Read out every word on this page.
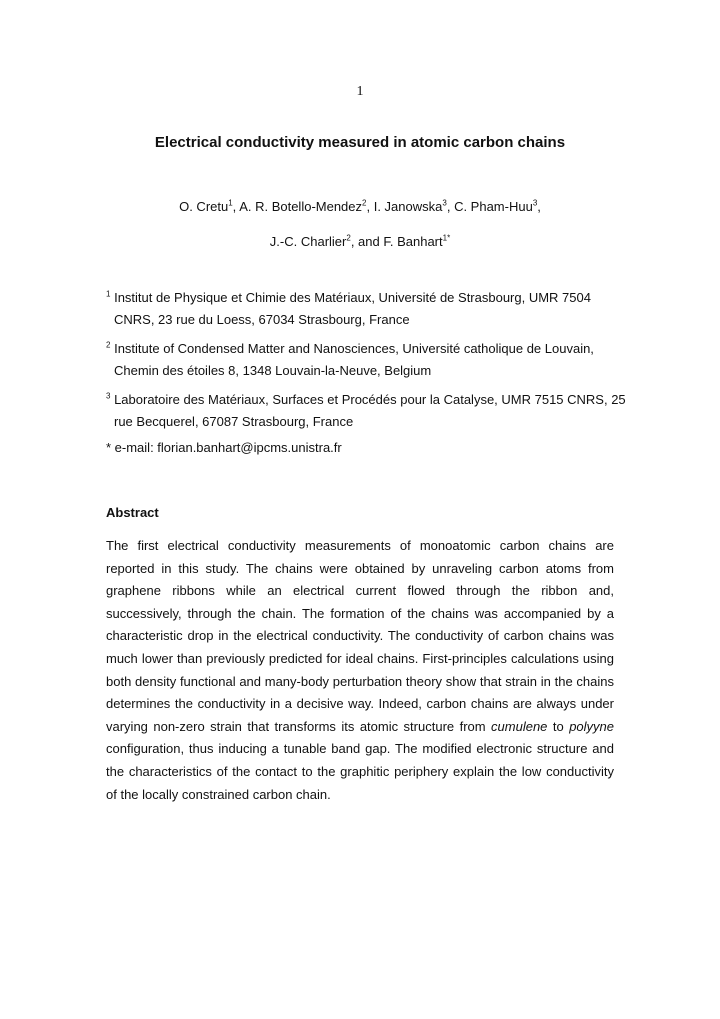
1
Electrical conductivity measured in atomic carbon chains
O. Cretu$^1$, A. R. Botello-Mendez$^2$, I. Janowska$^3$, C. Pham-Huu$^3$,
J.-C. Charlier$^2$, and F. Banhart$^{1*}$
$^1$ Institut de Physique et Chimie des Matériaux, Université de Strasbourg, UMR 7504
CNRS, 23 rue du Loess, 67034 Strasbourg, France
$^2$ Institute of Condensed Matter and Nanosciences, Université catholique de Louvain,
Chemin des étoiles 8, 1348 Louvain-la-Neuve, Belgium
$^3$ Laboratoire des Matériaux, Surfaces et Procédés pour la Catalyse, UMR 7515 CNRS, 25
rue Becquerel, 67087 Strasbourg, France
* e-mail: florian.banhart@ipcms.unistra.fr
Abstract
The first electrical conductivity measurements of monoatomic carbon chains are reported in this study. The chains were obtained by unraveling carbon atoms from graphene ribbons while an electrical current flowed through the ribbon and, successively, through the chain. The formation of the chains was accompanied by a characteristic drop in the electrical conductivity. The conductivity of carbon chains was much lower than previously predicted for ideal chains. First-principles calculations using both density functional and many-body perturbation theory show that strain in the chains determines the conductivity in a decisive way. Indeed, carbon chains are always under varying non-zero strain that transforms its atomic structure from cumulene to polyyne configuration, thus inducing a tunable band gap. The modified electronic structure and the characteristics of the contact to the graphitic periphery explain the low conductivity of the locally constrained carbon chain.
